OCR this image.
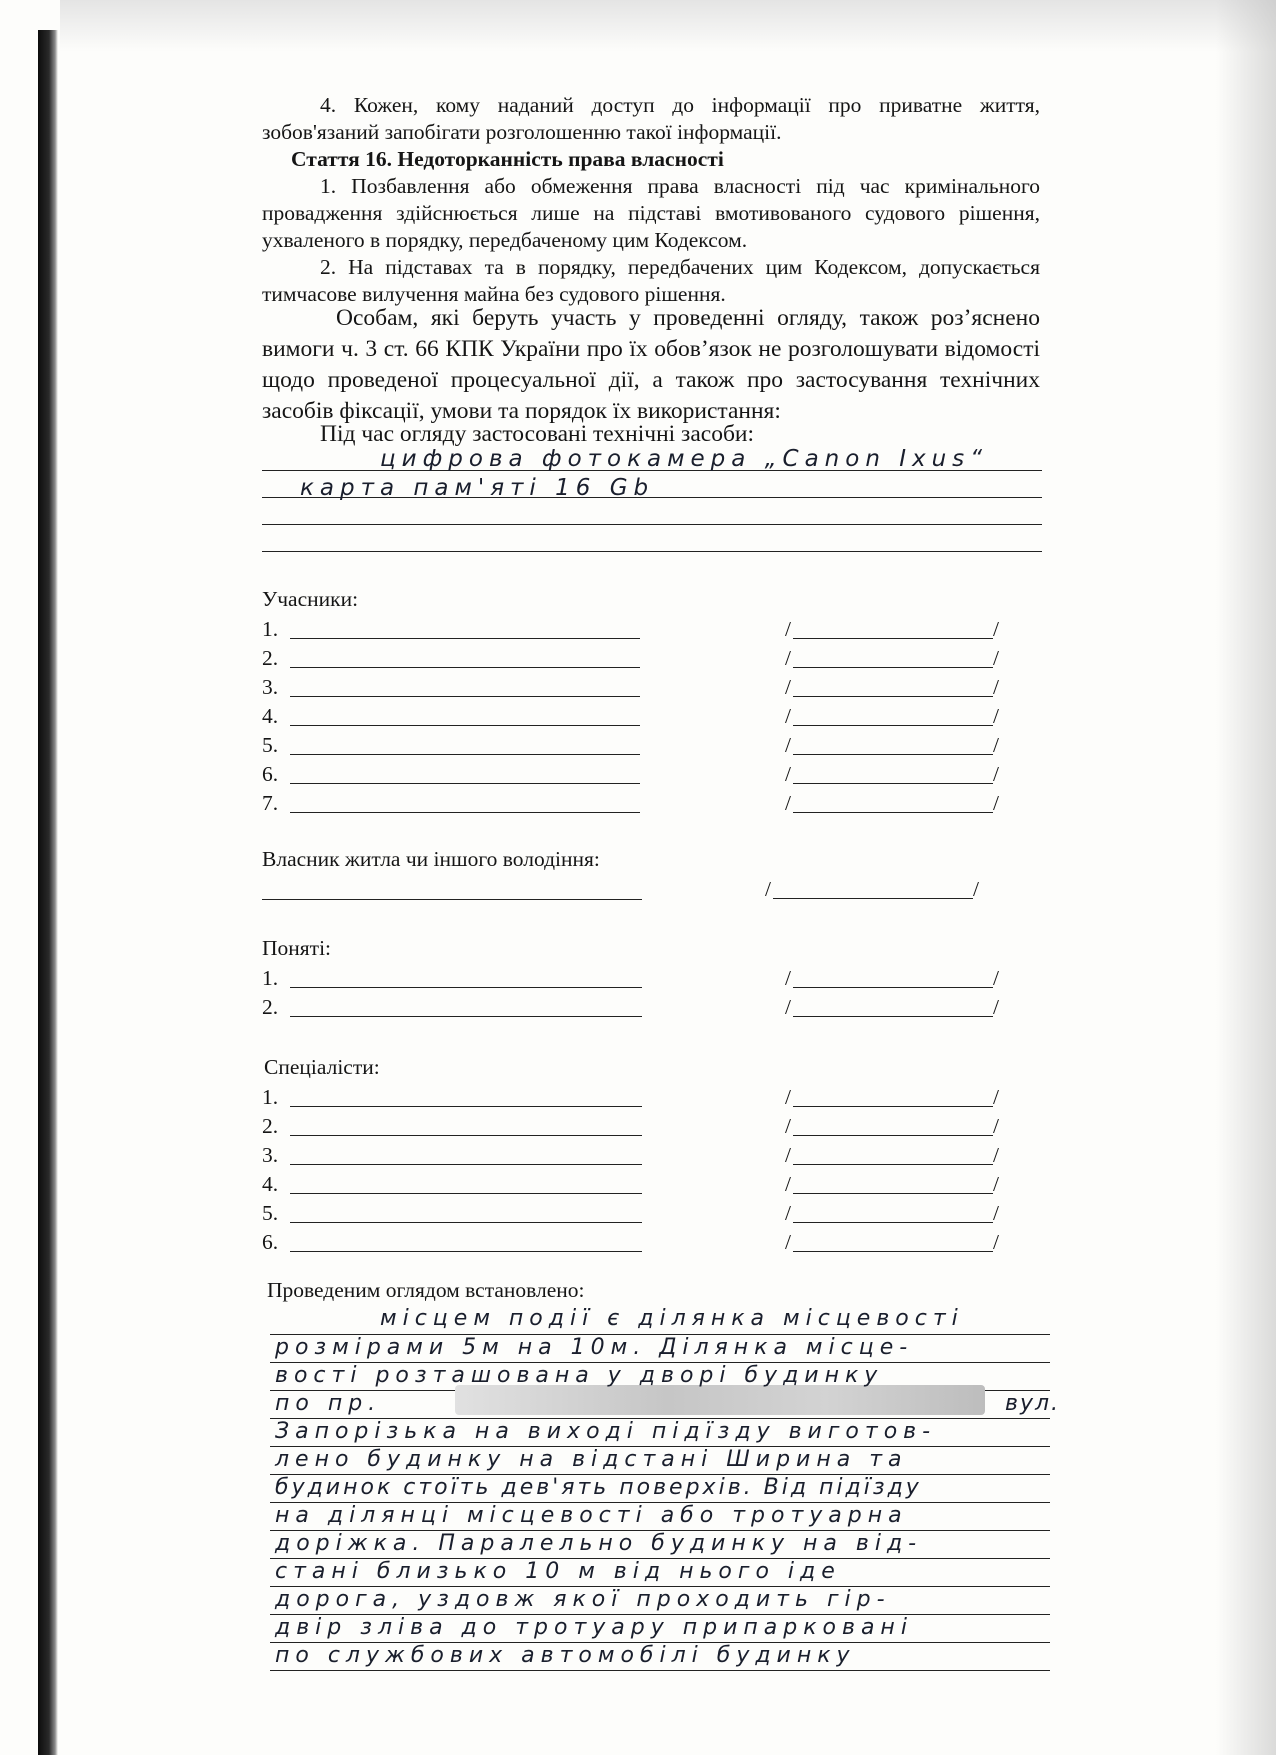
4. Кожен, кому наданий доступ до інформації про приватне життя, зобов'язаний запобігати розголошенню такої інформації.
Стаття 16. Недоторканність права власності
1. Позбавлення або обмеження права власності під час кримінального провадження здійснюється лише на підставі вмотивованого судового рішення, ухваленого в порядку, передбаченому цим Кодексом.
2. На підставах та в порядку, передбачених цим Кодексом, допускається тимчасове вилучення майна без судового рішення.
Особам, які беруть участь у проведенні огляду, також роз’яснено вимоги ч. 3 ст. 66 КПК України про їх обов’язок не розголошувати відомості щодо проведеної процесуальної дії, а також про застосування технічних засобів фіксації, умови та порядок їх використання:
Під час огляду застосовані технічні засоби:
цифрова фотокамера „Canon Ixus“
карта пам'яті 16 Gb
Учасники:
1.	/	/
2.	/	/
3.	/	/
4.	/	/
5.	/	/
6.	/	/
7.	/	/
Власник житла чи іншого володіння:
/	/
Поняті:
1.	/	/
2.	/	/
Спеціалісти:
1.	/	/
2.	/	/
3.	/	/
4.	/	/
5.	/	/
6.	/	/
Проведеним оглядом встановлено:
місцем події є ділянка місцевості
розмірами 5м на 10м. Ділянка місце-
вості розташована у дворі будинку
по пр.	вул.
Запорізька на виході підїзду виготов-
лено будинку на відстані Ширина та
будинок стоїть дев'ять поверхів. Від підїзду
на ділянці місцевості або тротуарна
доріжка. Паралельно будинку на від-
стані близько 10 м від нього іде
дорога, уздовж якої проходить гір-
двір зліва до тротуару припарковані
по службових автомобілі будинку
